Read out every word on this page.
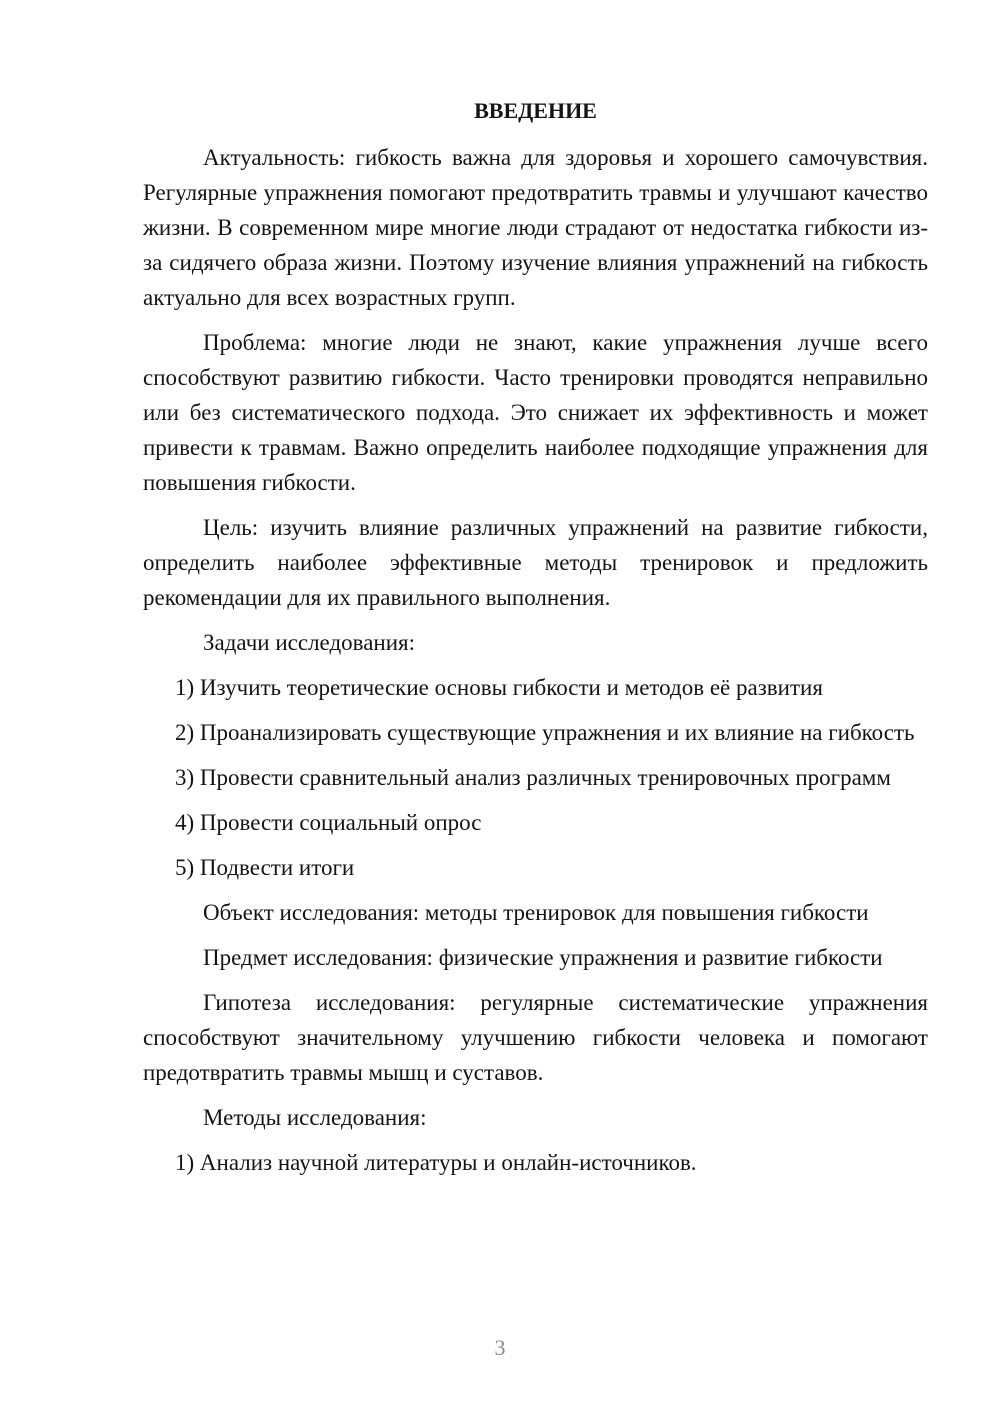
ВВЕДЕНИЕ

Актуальность: гибкость важна для здоровья и хорошего самочувствия. Регулярные упражнения помогают предотвратить травмы и улучшают качество жизни. В современном мире многие люди страдают от недостатка гибкости из-за сидячего образа жизни. Поэтому изучение влияния упражнений на гибкость актуально для всех возрастных групп.

Проблема: многие люди не знают, какие упражнения лучше всего способствуют развитию гибкости. Часто тренировки проводятся неправильно или без систематического подхода. Это снижает их эффективность и может привести к травмам. Важно определить наиболее подходящие упражнения для повышения гибкости.

Цель: изучить влияние различных упражнений на развитие гибкости, определить наиболее эффективные методы тренировок и предложить рекомендации для их правильного выполнения.

Задачи исследования:

1) Изучить теоретические основы гибкости и методов её развития

2) Проанализировать существующие упражнения и их влияние на гибкость

3) Провести сравнительный анализ различных тренировочных программ

4) Провести социальный опрос

5) Подвести итоги

Объект исследования: методы тренировок для повышения гибкости

Предмет исследования: физические упражнения и развитие гибкости

Гипотеза исследования: регулярные систематические упражнения способствуют значительному улучшению гибкости человека и помогают предотвратить травмы мышц и суставов.

Методы исследования:

1) Анализ научной литературы и онлайн-источников.

3
